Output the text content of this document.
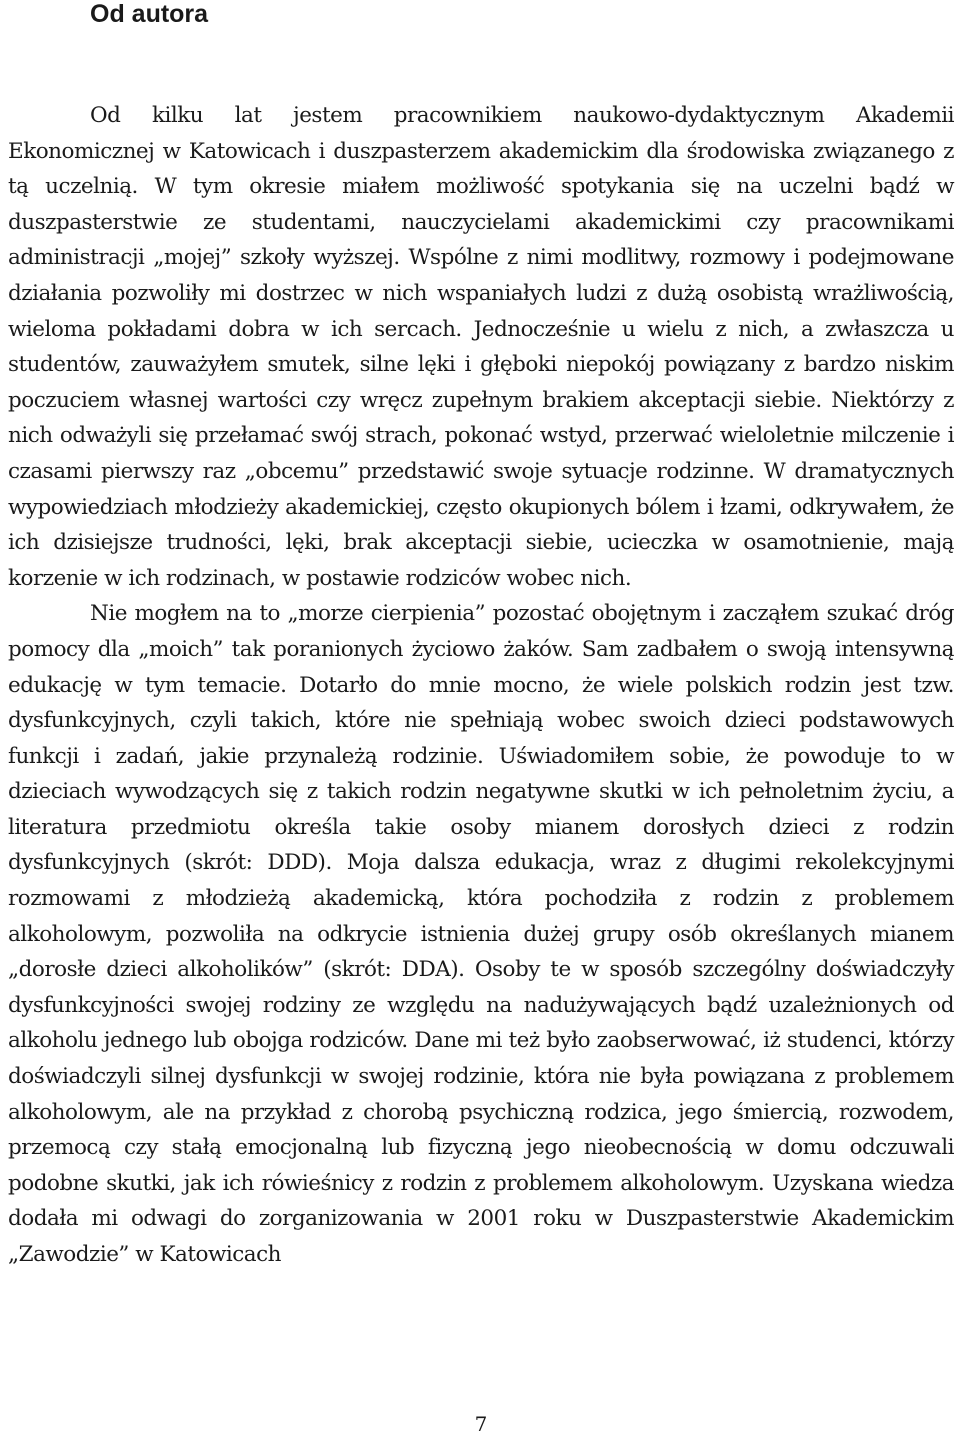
Od autora

Od kilku lat jestem pracownikiem naukowo-dydaktycznym Akademii Ekonomicznej w Katowicach i duszpasterzem akademickim dla środowiska związanego z tą uczelnią. W tym okresie miałem możliwość spotykania się na uczelni bądź w duszpasterstwie ze studentami, nauczycielami akademickimi czy pracownikami administracji „mojej” szkoły wyższej. Wspólne z nimi modlitwy, rozmowy i podejmowane działania pozwoliły mi dostrzec w nich wspaniałych ludzi z dużą osobistą wrażliwością, wieloma pokładami dobra w ich sercach. Jednocześnie u wielu z nich, a zwłaszcza u studentów, zauważyłem smutek, silne lęki i głęboki niepokój powiązany z bardzo niskim poczuciem własnej wartości czy wręcz zupełnym brakiem akceptacji siebie. Niektórzy z nich odważyli się przełamać swój strach, pokonać wstyd, przerwać wieloletnie milczenie i czasami pierwszy raz „obcemu” przedstawić swoje sytuacje rodzinne. W dramatycznych wypowiedziach młodzieży akademickiej, często okupionych bólem i łzami, odkrywałem, że ich dzisiejsze trudności, lęki, brak akceptacji siebie, ucieczka w osamotnienie, mają korzenie w ich rodzinach, w postawie rodziców wobec nich.

Nie mogłem na to „morze cierpienia” pozostać obojętnym i zacząłem szukać dróg pomocy dla „moich” tak poranionych życiowo żaków. Sam zadbałem o swoją intensywną edukację w tym temacie. Dotarło do mnie mocno, że wiele polskich rodzin jest tzw. dysfunkcyjnych, czyli takich, które nie spełniają wobec swoich dzieci podstawowych funkcji i zadań, jakie przynależą rodzinie. Uświadomiłem sobie, że powoduje to w dzieciach wywodzących się z takich rodzin negatywne skutki w ich pełnoletnim życiu, a literatura przedmiotu określa takie osoby mianem dorosłych dzieci z rodzin dysfunkcyjnych (skrót: DDD). Moja dalsza edukacja, wraz z długimi rekolekcyjnymi rozmowami z młodzieżą akademicką, która pochodziła z rodzin z problemem alkoholowym, pozwoliła na odkrycie istnienia dużej grupy osób określanych mianem „dorosłe dzieci alkoholików” (skrót: DDA). Osoby te w sposób szczególny doświadczyły dysfunkcyjności swojej rodziny ze względu na nadużywających bądź uzależnionych od alkoholu jednego lub obojga rodziców. Dane mi też było zaobserwować, iż studenci, którzy doświadczyli silnej dysfunkcji w swojej rodzinie, która nie była powiązana z problemem alkoholowym, ale na przykład z chorobą psychiczną rodzica, jego śmiercią, rozwodem, przemocą czy stałą emocjonalną lub fizyczną jego nieobecnością w domu odczuwali podobne skutki, jak ich rówieśnicy z rodzin z problemem alkoholowym. Uzyskana wiedza dodała mi odwagi do zorganizowania w 2001 roku w Duszpasterstwie Akademickim „Zawodzie” w Katowicach

7
